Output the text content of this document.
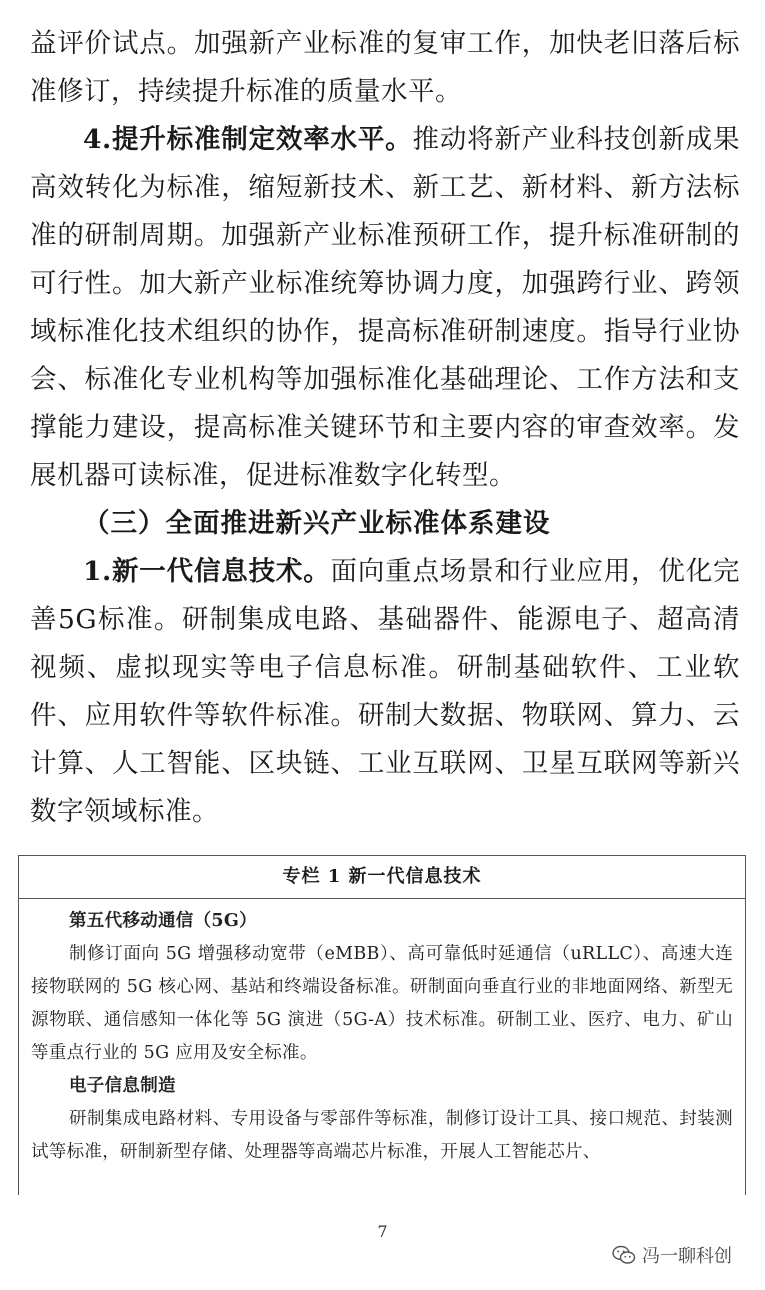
益评价试点。加强新产业标准的复审工作，加快老旧落后标准修订，持续提升标准的质量水平。

4.提升标准制定效率水平。推动将新产业科技创新成果高效转化为标准，缩短新技术、新工艺、新材料、新方法标准的研制周期。加强新产业标准预研工作，提升标准研制的可行性。加大新产业标准统筹协调力度，加强跨行业、跨领域标准化技术组织的协作，提高标准研制速度。指导行业协会、标准化专业机构等加强标准化基础理论、工作方法和支撑能力建设，提高标准关键环节和主要内容的审查效率。发展机器可读标准，促进标准数字化转型。

（三）全面推进新兴产业标准体系建设

1.新一代信息技术。面向重点场景和行业应用，优化完善5G标准。研制集成电路、基础器件、能源电子、超高清视频、虚拟现实等电子信息标准。研制基础软件、工业软件、应用软件等软件标准。研制大数据、物联网、算力、云计算、人工智能、区块链、工业互联网、卫星互联网等新兴数字领域标准。

专栏 1 新一代信息技术

第五代移动通信（5G）

制修订面向 5G 增强移动宽带（eMBB）、高可靠低时延通信（uRLLC）、高速大连接物联网的 5G 核心网、基站和终端设备标准。研制面向垂直行业的非地面网络、新型无源物联、通信感知一体化等 5G 演进（5G-A）技术标准。研制工业、医疗、电力、矿山等重点行业的 5G 应用及安全标准。

电子信息制造

研制集成电路材料、专用设备与零部件等标准，制修订设计工具、接口规范、封装测试等标准，研制新型存储、处理器等高端芯片标准，开展人工智能芯片、

7
冯一聊科创
